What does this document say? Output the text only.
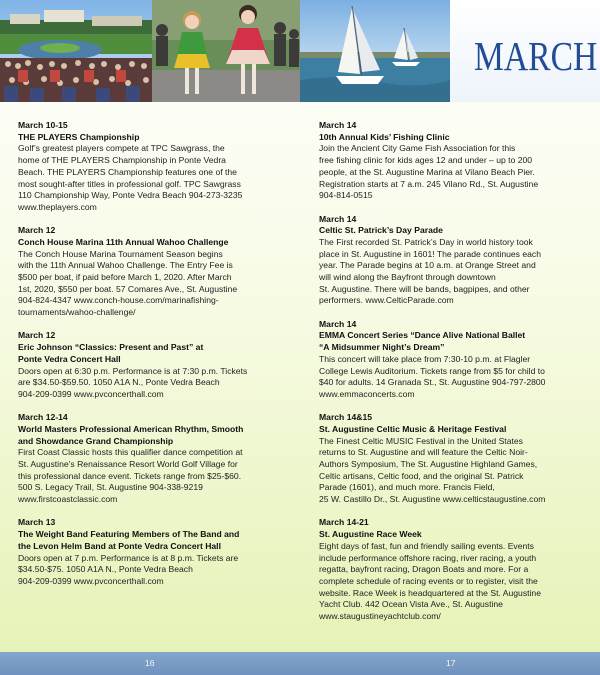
MARCH
March 10-15
THE PLAYERS Championship
Golf’s greatest players compete at TPC Sawgrass, the
home of THE PLAYERS Championship in Ponte Vedra
Beach. THE PLAYERS Championship features one of the
most sought-after titles in professional golf. TPC Sawgrass
110 Championship Way, Ponte Vedra Beach 904-273-3235
www.theplayers.com
March 12
Conch House Marina 11th Annual Wahoo Challenge
The Conch House Marina Tournament Season begins
with the 11th Annual Wahoo Challenge. The Entry Fee is
$500 per boat, if paid before March 1, 2020. After March
1st, 2020, $550 per boat. 57 Comares Ave., St. Augustine
904-824-4347 www.conch-house.com/marinafishing-
tournaments/wahoo-challenge/
March 12
Eric Johnson “Classics: Present and Past” at
Ponte Vedra Concert Hall
Doors open at 6:30 p.m. Performance is at 7:30 p.m. Tickets
are $34.50-$59.50. 1050 A1A N., Ponte Vedra Beach
904-209-0399 www.pvconcerthall.com
March 12-14
World Masters Professional American Rhythm, Smooth
and Showdance Grand Championship
First Coast Classic hosts this qualifier dance competition at
St. Augustine’s Renaissance Resort World Golf Village for
this professional dance event. Tickets range from $25-$60.
500 S. Legacy Trail, St. Augustine 904-338-9219
www.firstcoastclassic.com
March 13
The Weight Band Featuring Members of The Band and
the Levon Helm Band at Ponte Vedra Concert Hall
Doors open at 7 p.m. Performance is at 8 p.m. Tickets are
$34.50-$75. 1050 A1A N., Ponte Vedra Beach
904-209-0399 www.pvconcerthall.com
March 14
10th Annual Kids’ Fishing Clinic
Join the Ancient City Game Fish Association for this
free fishing clinic for kids ages 12 and under – up to 200
people, at the St. Augustine Marina at Vilano Beach Pier.
Registration starts at 7 a.m. 245 Vilano Rd., St. Augustine
904-814-0515
March 14
Celtic St. Patrick’s Day Parade
The First recorded St. Patrick’s Day in world history took
place in St. Augustine in 1601! The parade continues each
year. The Parade begins at 10 a.m. at Orange Street and
will wind along the Bayfront through downtown
St. Augustine. There will be bands, bagpipes, and other
performers. www.CelticParade.com
March 14
EMMA Concert Series “Dance Alive National Ballet
“A Midsummer Night’s Dream”
This concert will take place from 7:30-10 p.m. at Flagler
College Lewis Auditorium. Tickets range from $5 for child to
$40 for adults. 14 Granada St., St. Augustine 904-797-2800
www.emmaconcerts.com
March 14&15
St. Augustine Celtic Music & Heritage Festival
The Finest Celtic MUSIC Festival in the United States
returns to St. Augustine and will feature the Celtic Noir-
Authors Symposium, The St. Augustine Highland Games,
Celtic artisans, Celtic food, and the original St. Patrick
Parade (1601), and much more. Francis Field,
25 W. Castillo Dr., St. Augustine www.celticstaugustine.com
March 14-21
St. Augustine Race Week
Eight days of fast, fun and friendly sailing events. Events
include performance offshore racing, river racing, a youth
regatta, bayfront racing, Dragon Boats and more. For a
complete schedule of racing events or to register, visit the
website. Race Week is headquartered at the St. Augustine
Yacht Club. 442 Ocean Vista Ave., St. Augustine
www.staugustineyachtclub.com/
16	17
